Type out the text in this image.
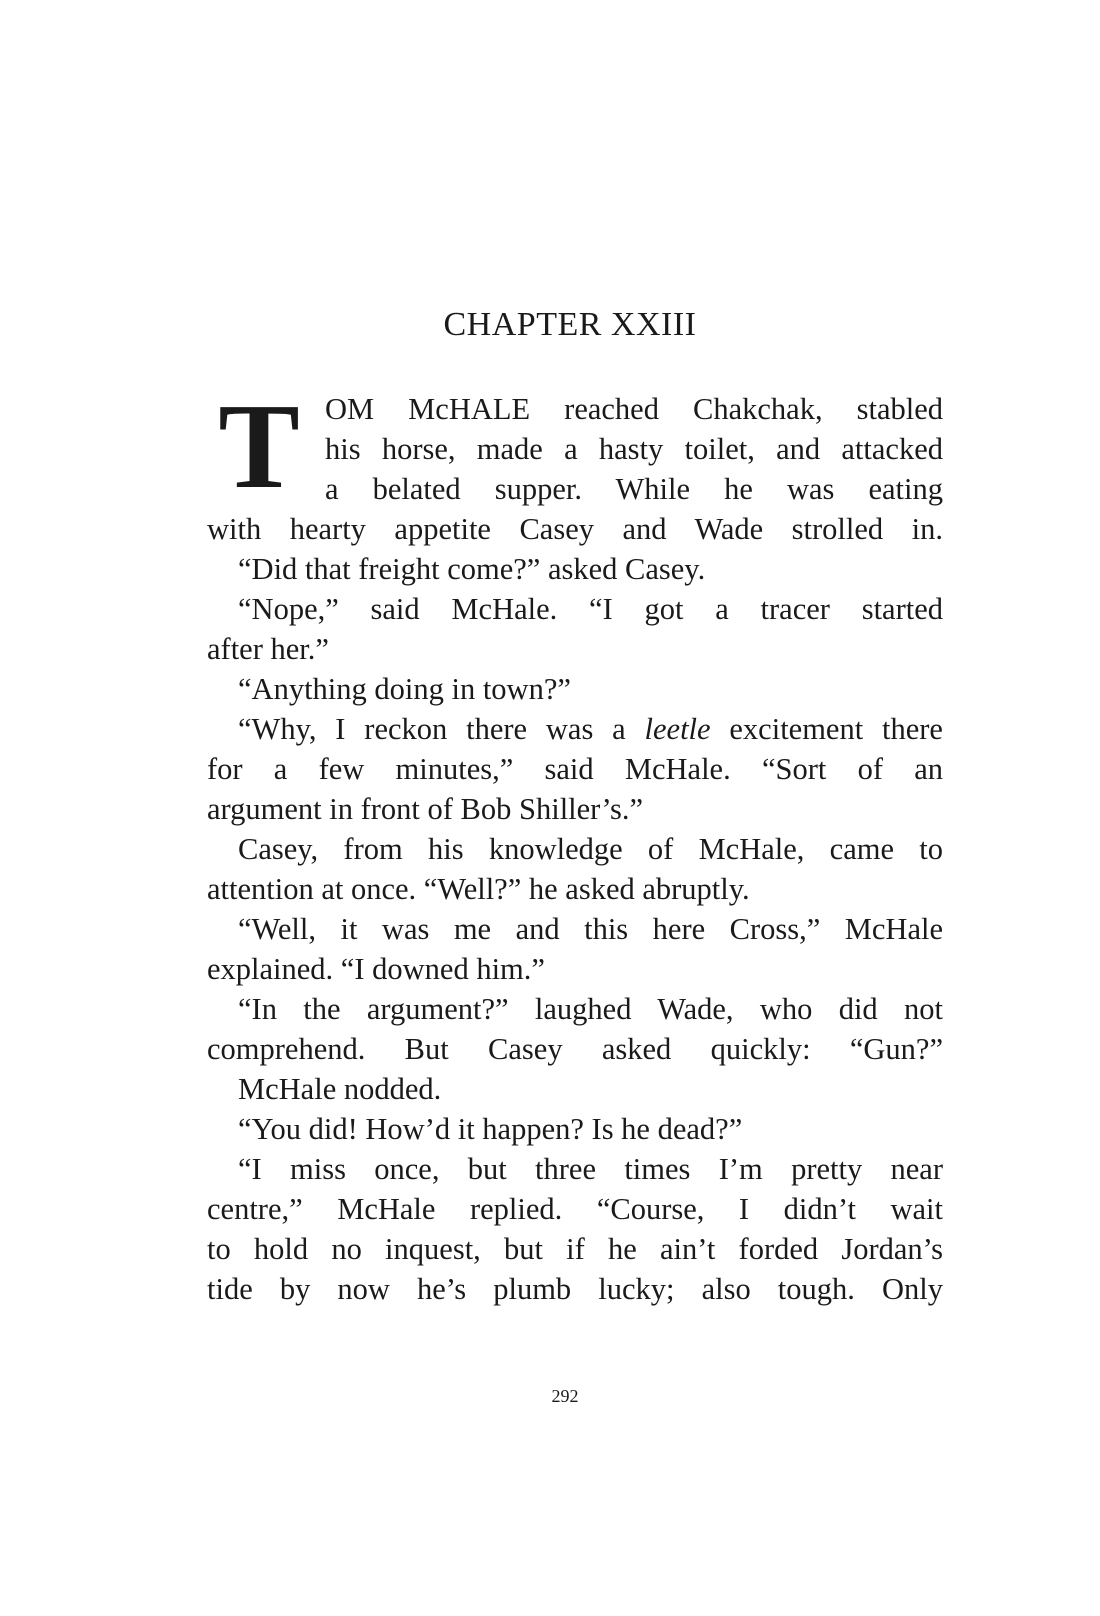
CHAPTER XXIII
T OM McHALE reached Chakchak, stabled
his horse, made a hasty toilet, and attacked
a belated supper. While he was eating
with hearty appetite Casey and Wade strolled in.
“Did that freight come?” asked Casey.
“Nope,” said McHale. “I got a tracer started
after her.”
“Anything doing in town?”
“Why, I reckon there was a leetle excitement there
for a few minutes,” said McHale. “Sort of an
argument in front of Bob Shiller’s.”
Casey, from his knowledge of McHale, came to
attention at once. “Well?” he asked abruptly.
“Well, it was me and this here Cross,” McHale
explained. “I downed him.”
“In the argument?” laughed Wade, who did not
comprehend. But Casey asked quickly: “Gun?”
McHale nodded.
“You did! How’d it happen? Is he dead?”
“I miss once, but three times I’m pretty near
centre,” McHale replied. “Course, I didn’t wait
to hold no inquest, but if he ain’t forded Jordan’s
tide by now he’s plumb lucky; also tough. Only
292
